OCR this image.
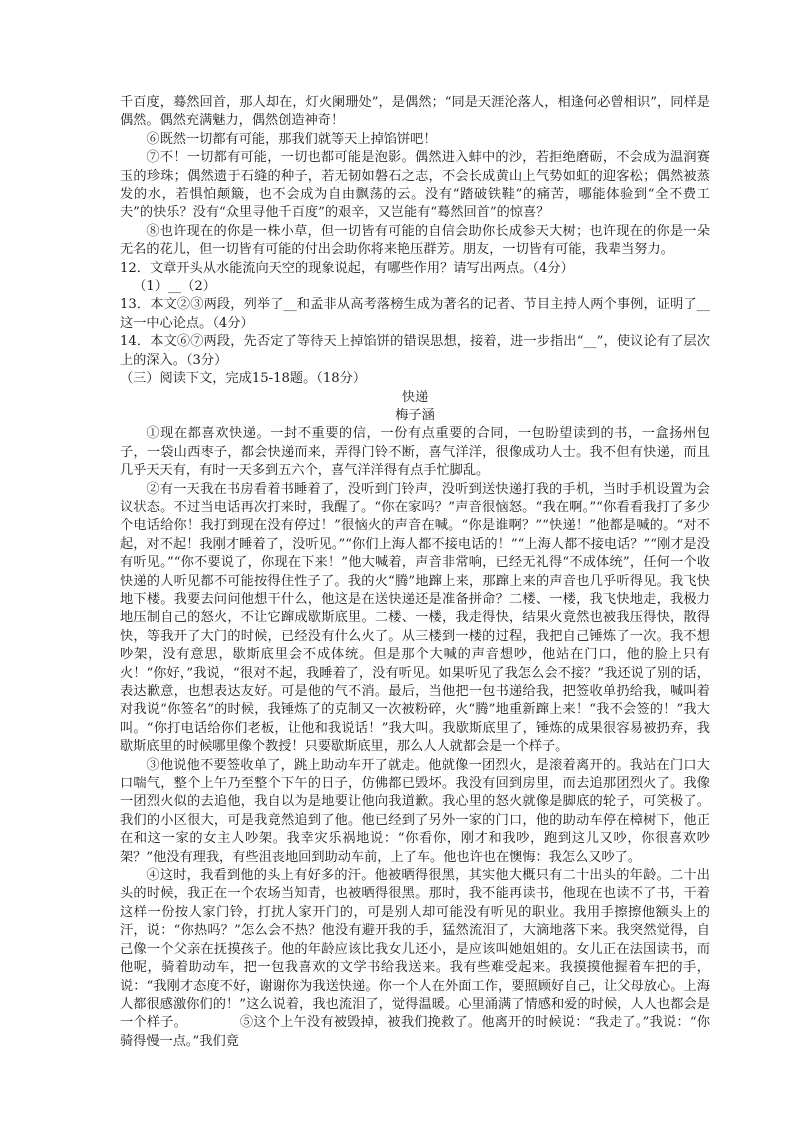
千百度，蓦然回首，那人却在，灯火阑珊处”，是偶然；“同是天涯沦落人，相逢何必曾相识”，同样是偶然。偶然充满魅力，偶然创造神奇！

⑥既然一切都有可能，那我们就等天上掉馅饼吧！

⑦不！一切都有可能，一切也都可能是泡影。偶然进入蚌中的沙，若拒绝磨砺，不会成为温润赛玉的珍珠；偶然遗于石缝的种子，若无韧如磐石之志，不会长成黄山上气势如虹的迎客松；偶然被蒸发的水，若惧怕颠簸，也不会成为自由飘荡的云。没有“踏破铁鞋”的痛苦，哪能体验到“全不费工夫”的快乐？没有“众里寻他千百度”的艰辛，又岂能有“蓦然回首”的惊喜？

⑧也许现在的你是一株小草，但一切皆有可能的自信会助你长成参天大树；也许现在的你是一朵无名的花儿，但一切皆有可能的付出会助你将来艳压群芳。朋友，一切皆有可能，我辈当努力。

12．文章开头从水能流向天空的现象说起，有哪些作用？请写出两点。（4分）

（1）__（2）

13．本文②③两段，列举了__和孟非从高考落榜生成为著名的记者、节目主持人两个事例，证明了__这一中心论点。（4分）

14．本文⑥⑦两段，先否定了等待天上掉馅饼的错误思想，接着，进一步指出“__”，使议论有了层次上的深入。（3分）

（三）阅读下文，完成15-18题。（18分）

快递

梅子涵

①现在都喜欢快递。一封不重要的信，一份有点重要的合同，一包盼望读到的书，一盒扬州包子，一袋山西枣子，都会快递而来，弄得门铃不断，喜气洋洋，很像成功人士。我不但有快递，而且几乎天天有，有时一天多到五六个，喜气洋洋得有点手忙脚乱。

②有一天我在书房看着书睡着了，没听到门铃声，没听到送快递打我的手机，当时手机设置为会议状态。不过当电话再次打来时，我醒了。“你在家吗？”声音很恼怒。“我在啊。”“你看看我打了多少个电话给你！我打到现在没有停过！”很恼火的声音在喊。“你是谁啊？”“快递！”他都是喊的。“对不起，对不起！我刚才睡着了，没听见。”“你们上海人都不接电话的！”“上海人都不接电话？”“刚才是没有听见。”“你不要说了，你现在下来！”他大喊着，声音非常响，已经无礼得“不成体统”，任何一个收快递的人听见都不可能按得住性子了。我的火“腾”地蹿上来，那蹿上来的声音也几乎听得见。我飞快地下楼。我要去问问他想干什么，他这是在送快递还是准备拼命？二楼、一楼，我飞快地走，我极力地压制自己的怒火，不让它蹿成歇斯底里。二楼、一楼，我走得快，结果火竟然也被我压得快，散得快，等我开了大门的时候，已经没有什么火了。从三楼到一楼的过程，我把自己锤炼了一次。我不想吵架，没有意思，歇斯底里会不成体统。但是那个大喊的声音想吵，他站在门口，他的脸上只有火！“你好，”我说，“很对不起，我睡着了，没有听见。如果听见了我怎么会不接？”我还说了别的话，表达歉意，也想表达友好。可是他的气不消。最后，当他把一包书递给我，把签收单扔给我，喊叫着对我说“你签名”的时候，我锤炼了的克制又一次被粉碎，火“腾”地重新蹿上来！“我不会签的！”我大叫。“你打电话给你们老板，让他和我说话！”我大叫。我歇斯底里了，锤炼的成果很容易被扔弃，我歇斯底里的时候哪里像个教授！只要歇斯底里，那么人人就都会是一个样子。

③他说他不要签收单了，跳上助动车开了就走。他就像一团烈火，是滚着离开的。我站在门口大口喘气，整个上午乃至整个下午的日子，仿佛都已毁坏。我没有回到房里，而去追那团烈火了。我像一团烈火似的去追他，我自以为是地要让他向我道歉。我心里的怒火就像是脚底的轮子，可笑极了。我们的小区很大，可是我竟然追到了他。他已经到了另外一家的门口，他的助动车停在樟树下，他正在和这一家的女主人吵架。我幸灾乐祸地说：“你看你，刚才和我吵，跑到这儿又吵，你很喜欢吵架？”他没有理我，有些沮丧地回到助动车前，上了车。他也许也在懊悔：我怎么又吵了。

④这时，我看到他的头上有好多的汗。他被晒得很黑，其实他大概只有二十出头的年龄。二十出头的时候，我正在一个农场当知青，也被晒得很黑。那时，我不能再读书，他现在也读不了书，干着这样一份按人家门铃，打扰人家开门的，可是别人却可能没有听见的职业。我用手擦擦他额头上的汗，说：“你热吗？”怎么会不热？他没有避开我的手，猛然流泪了，大滴地落下来。我突然觉得，自己像一个父亲在抚摸孩子。他的年龄应该比我女儿还小，是应该叫她姐姐的。女儿正在法国读书，而他呢，骑着助动车，把一包我喜欢的文学书给我送来。我有些难受起来。我摸摸他握着车把的手，说：“我刚才态度不好，谢谢你为我送快递。你一个人在外面工作，要照顾好自己，让父母放心。上海人都很感激你们的！”这么说着，我也流泪了，觉得温暖。心里涌满了情感和爱的时候，人人也都会是一个样子。	⑤这个上午没有被毁掉，被我们挽救了。他离开的时候说：“我走了。”我说：“你骑得慢一点。”我们竟
